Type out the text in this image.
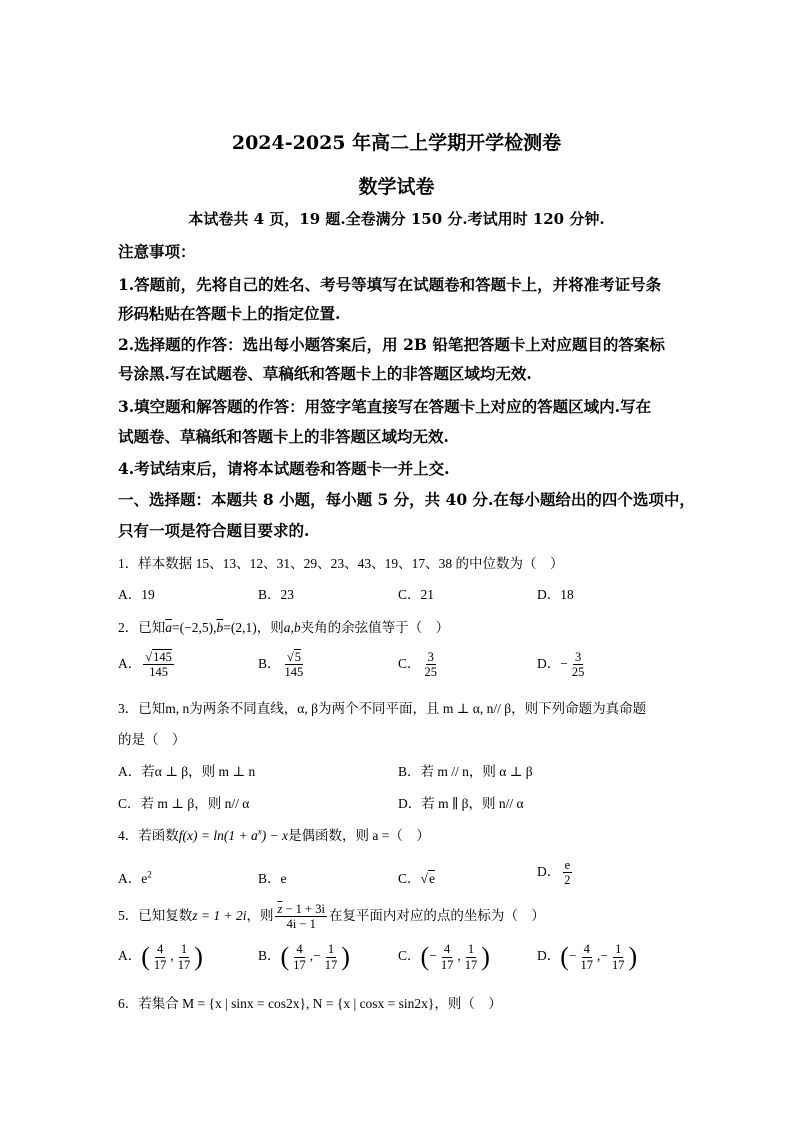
2024-2025 年高二上学期开学检测卷
数学试卷
本试卷共 4 页，19 题.全卷满分 150 分.考试用时 120 分钟.
注意事项：
1.答题前，先将自己的姓名、考号等填写在试题卷和答题卡上，并将准考证号条
形码粘贴在答题卡上的指定位置.
2.选择题的作答：选出每小题答案后，用 2B 铅笔把答题卡上对应题目的答案标
号涂黑.写在试题卷、草稿纸和答题卡上的非答题区域均无效.
3.填空题和解答题的作答：用签字笔直接写在答题卡上对应的答题区域内.写在
试题卷、草稿纸和答题卡上的非答题区域均无效.
4.考试结束后，请将本试题卷和答题卡一并上交.
一、选择题：本题共 8 小题，每小题 5 分，共 40 分.在每小题给出的四个选项中，
只有一项是符合题目要求的.
1．样本数据 15、13、12、31、29、23、43、19、17、38 的中位数为（　）
A．19	B．23	C．21	D．18
2．已知$\overline{a}=(-2,5),\overline{b}=(2,1)$，则a,b夹角的余弦值等于（　）
A． $\frac{√145}{145}$	B． $\frac{√5}{145}$	C． $\frac{3}{25}$	D．− $\frac{3}{25}$
3．已知m, n为两条不同直线，α, β为两个不同平面，且 m ⊥ α, n// β，则下列命题为真命题
的是（　）
A．若α ⊥ β，则 m ⊥ n	B．若 m // n，则 α ⊥ β
C．若 m ⊥ β，则 n// α	D．若 m ∥ β，则 n// α
4．若函数$f(x) = \ln(1 + a^x) - x$是偶函数，则 a =（　）
A．$e^2$	B．e	C．√e	D． $\frac{e}{2}$
5．已知复数z = 1 + 2i，则 $\frac{\overline{z} - 1 + 3i}{4i - 1}$ 在复平面内对应的点的坐标为（　）
A．( $\frac{4}{17}$ , $\frac{1}{17}$ )	B．( $\frac{4}{17}$ ,− $\frac{1}{17}$ )	C．(− $\frac{4}{17}$ , $\frac{1}{17}$ )	D．(− $\frac{4}{17}$ ,− $\frac{1}{17}$ )
6．若集合 M = {x | sinx = cos2x}, N = {x | cosx = sin2x}，则（　）
